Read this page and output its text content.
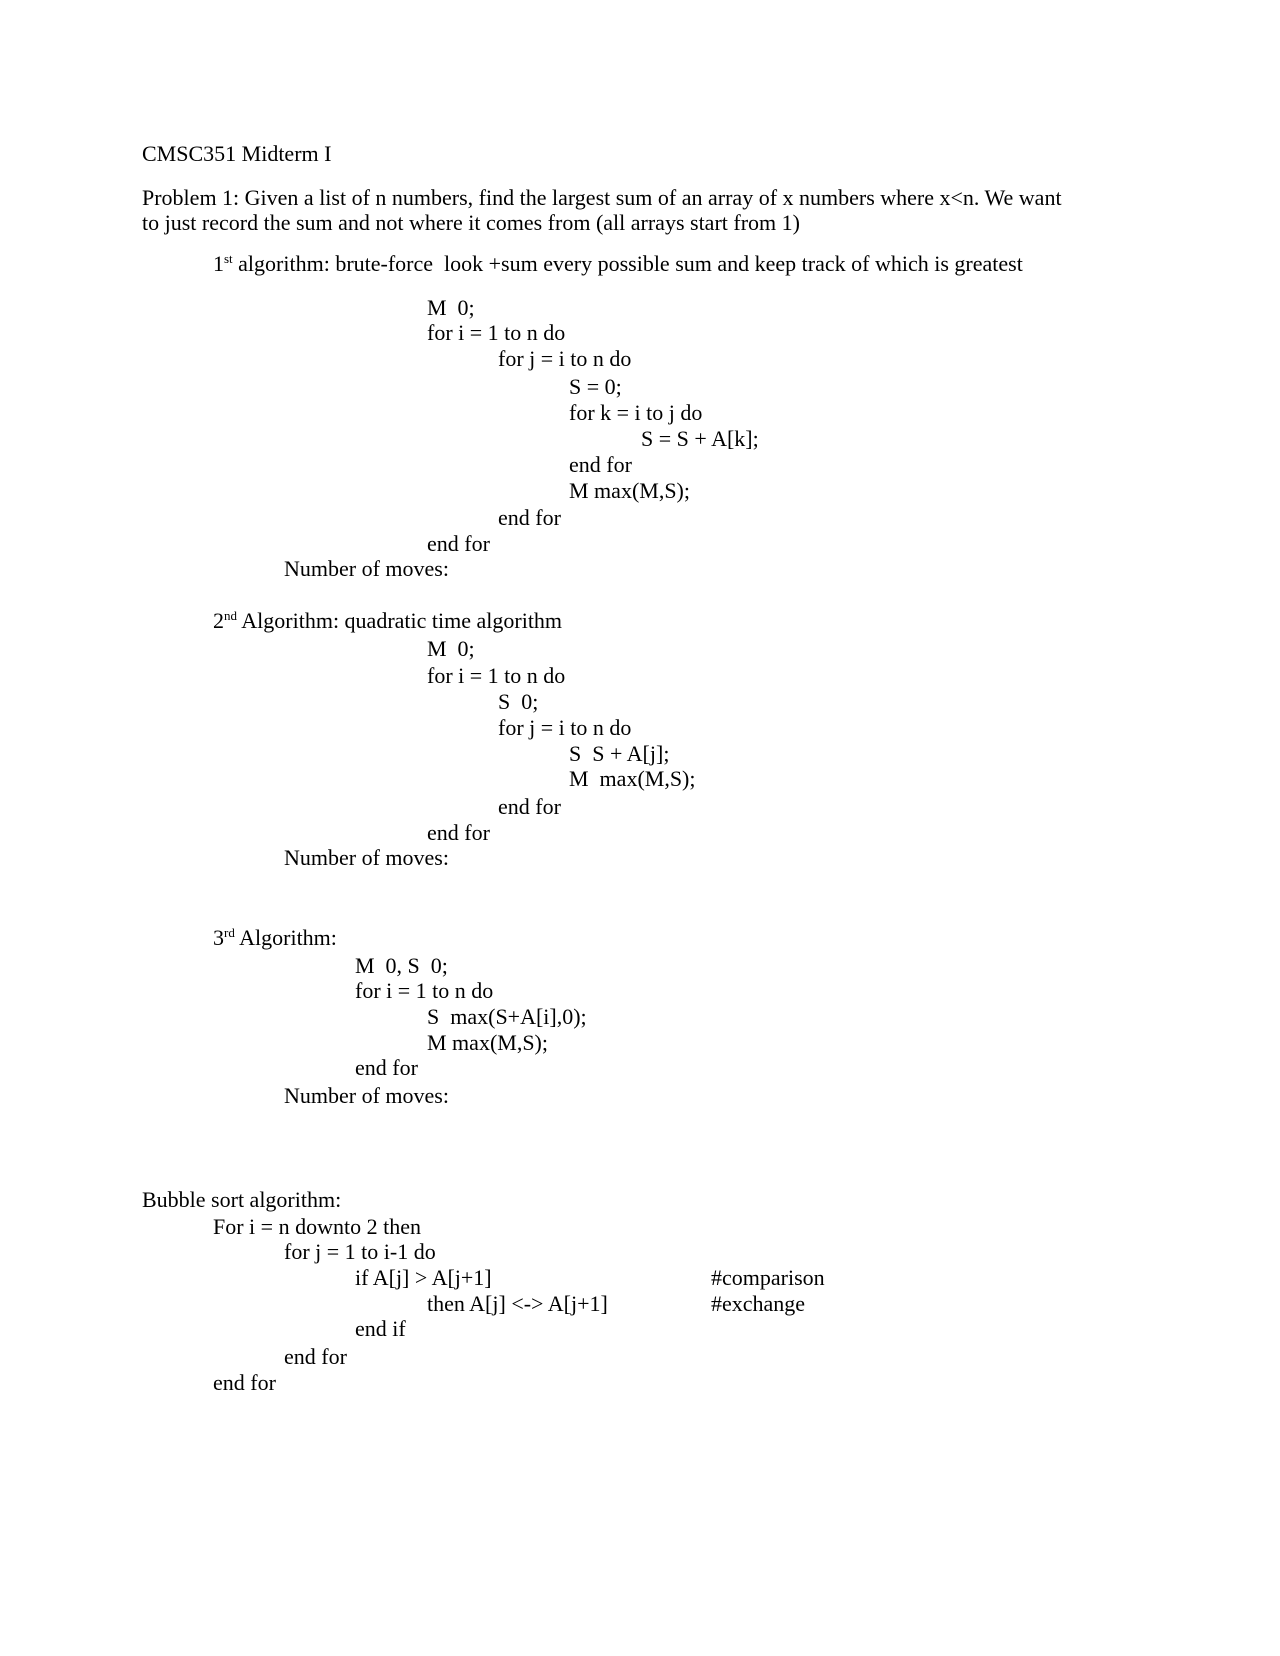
CMSC351 Midterm I
Problem 1: Given a list of n numbers, find the largest sum of an array of x numbers where x<n. We want
to just record the sum and not where it comes from (all arrays start from 1)
1st algorithm: brute-force  look +sum every possible sum and keep track of which is greatest
M  0;
for i = 1 to n do
for j = i to n do
S = 0;
for k = i to j do
S = S + A[k];
end for
M max(M,S);
end for
end for
Number of moves:
2nd Algorithm: quadratic time algorithm
M  0;
for i = 1 to n do
S  0;
for j = i to n do
S  S + A[j];
M  max(M,S);
end for
end for
Number of moves:
3rd Algorithm:
M  0, S  0;
for i = 1 to n do
S  max(S+A[i],0);
M max(M,S);
end for
Number of moves:
Bubble sort algorithm:
For i = n downto 2 then
for j = 1 to i-1 do
if A[j] > A[j+1]	#comparison
then A[j] <-> A[j+1]	#exchange
end if
end for
end for
